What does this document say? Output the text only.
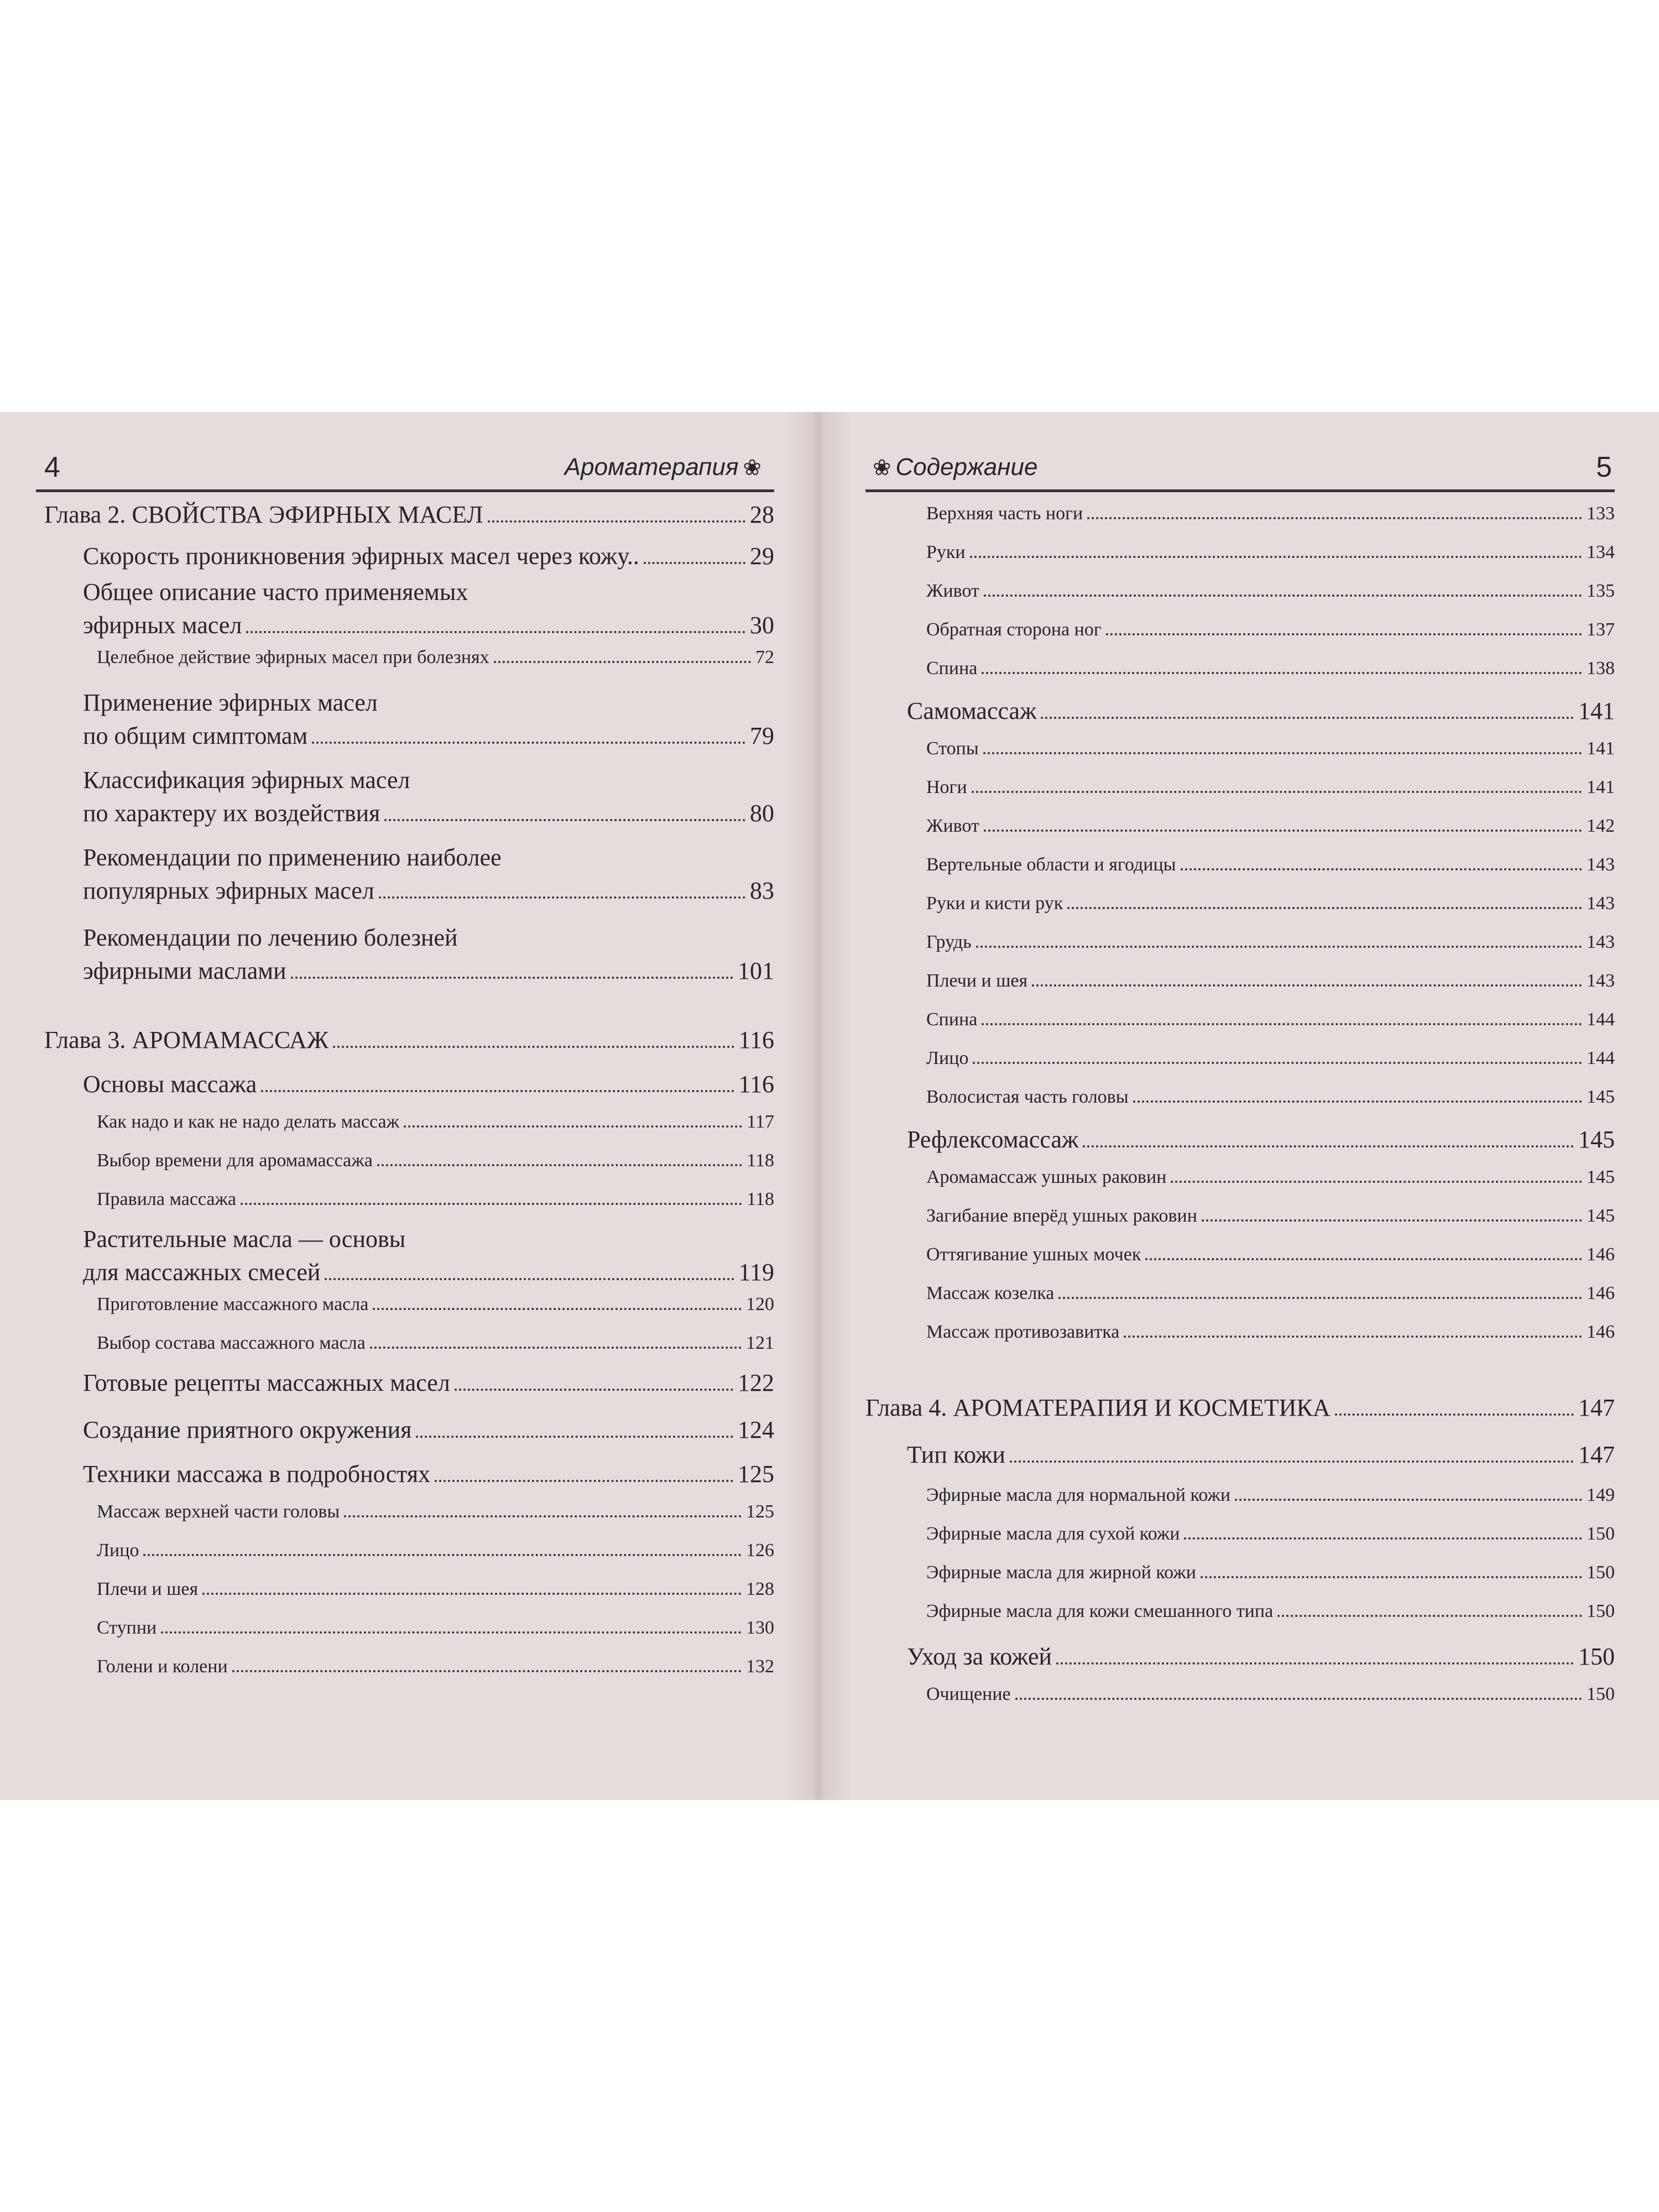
4	Ароматерапия ❀
Глава 2. СВОЙСТВА ЭФИРНЫХ МАСЕЛ	28
Скорость проникновения эфирных масел через кожу..	29
Общее описание часто применяемых
эфирных масел	30
Целебное действие эфирных масел при болезнях	72
Применение эфирных масел
по общим симптомам	79
Классификация эфирных масел
по характеру их воздействия	80
Рекомендации по применению наиболее
популярных эфирных масел	83
Рекомендации по лечению болезней
эфирными маслами	101
Глава 3. АРОМАМАССАЖ	116
Основы массажа	116
Как надо и как не надо делать массаж	117
Выбор времени для аромамассажа	118
Правила массажа	118
Растительные масла — основы
для массажных смесей	119
Приготовление массажного масла	120
Выбор состава массажного масла	121
Готовые рецепты массажных масел	122
Создание приятного окружения	124
Техники массажа в подробностях	125
Массаж верхней части головы	125
Лицо	126
Плечи и шея	128
Ступни	130
Голени и колени	132
❀ Содержание	5
Верхняя часть ноги	133
Руки	134
Живот	135
Обратная сторона ног	137
Спина	138
Самомассаж	141
Стопы	141
Ноги	141
Живот	142
Вертельные области и ягодицы	143
Руки и кисти рук	143
Грудь	143
Плечи и шея	143
Спина	144
Лицо	144
Волосистая часть головы	145
Рефлексомассаж	145
Аромамассаж ушных раковин	145
Загибание вперёд ушных раковин	145
Оттягивание ушных мочек	146
Массаж козелка	146
Массаж противозавитка	146
Глава 4. АРОМАТЕРАПИЯ И КОСМЕТИКА	147
Тип кожи	147
Эфирные масла для нормальной кожи	149
Эфирные масла для сухой кожи	150
Эфирные масла для жирной кожи	150
Эфирные масла для кожи смешанного типа	150
Уход за кожей	150
Очищение	150
